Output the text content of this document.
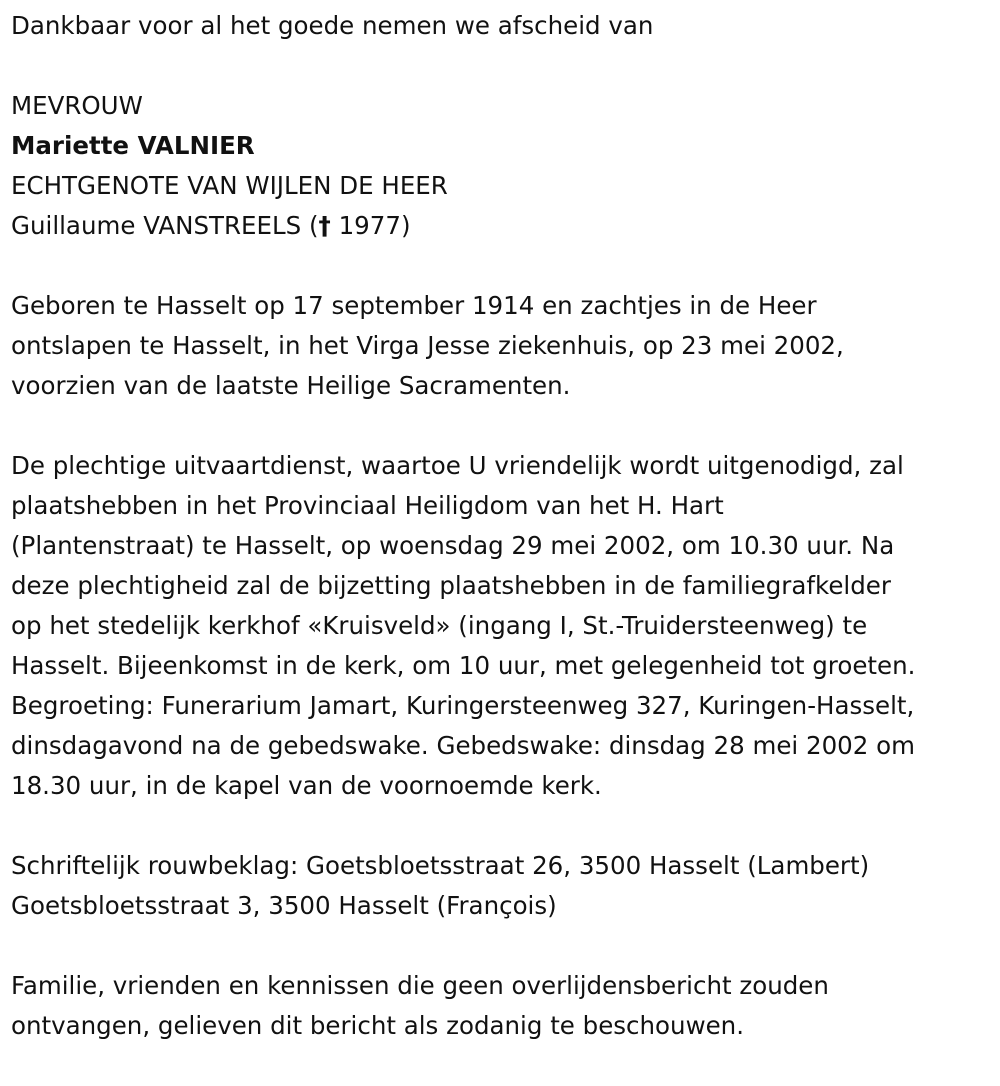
Dankbaar voor al het goede nemen we afscheid van
MEVROUW
Mariette VALNIER
ECHTGENOTE VAN WIJLEN DE HEER
Guillaume VANSTREELS († 1977)
Geboren te Hasselt op 17 september 1914 en zachtjes in de Heer
ontslapen te Hasselt, in het Virga Jesse ziekenhuis, op 23 mei 2002,
voorzien van de laatste Heilige Sacramenten.
De plechtige uitvaartdienst, waartoe U vriendelijk wordt uitgenodigd, zal
plaatshebben in het Provinciaal Heiligdom van het H. Hart
(Plantenstraat) te Hasselt, op woensdag 29 mei 2002, om 10.30 uur. Na
deze plechtigheid zal de bijzetting plaatshebben in de familiegrafkelder
op het stedelijk kerkhof «Kruisveld» (ingang I, St.-Truidersteenweg) te
Hasselt. Bijeenkomst in de kerk, om 10 uur, met gelegenheid tot groeten.
Begroeting: Funerarium Jamart, Kuringersteenweg 327, Kuringen-Hasselt,
dinsdagavond na de gebedswake. Gebedswake: dinsdag 28 mei 2002 om
18.30 uur, in de kapel van de voornoemde kerk.
Schriftelijk rouwbeklag: Goetsbloetsstraat 26, 3500 Hasselt (Lambert)
Goetsbloetsstraat 3, 3500 Hasselt (François)
Familie, vrienden en kennissen die geen overlijdensbericht zouden
ontvangen, gelieven dit bericht als zodanig te beschouwen.
